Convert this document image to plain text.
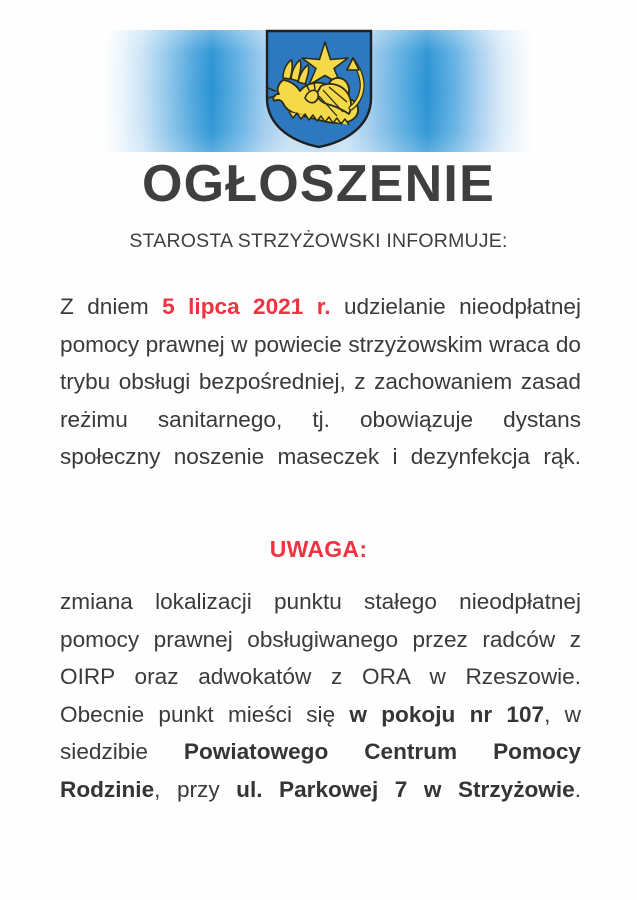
OGŁOSZENIE
STAROSTA STRZYŻOWSKI INFORMUJE:
Z dniem 5 lipca 2021 r. udzielanie nieodpłatnej pomocy prawnej w powiecie strzyżowskim wraca do trybu obsługi bezpośredniej, z zachowaniem zasad reżimu sanitarnego, tj. obowiązuje dystans społeczny noszenie maseczek i dezynfekcja rąk.
UWAGA:
zmiana lokalizacji punktu stałego nieodpłatnej pomocy prawnej obsługiwanego przez radców z OIRP oraz adwokatów z ORA w Rzeszowie. Obecnie punkt mieści się w pokoju nr 107, w siedzibie Powiatowego Centrum Pomocy Rodzinie, przy ul. Parkowej 7 w Strzyżowie.
